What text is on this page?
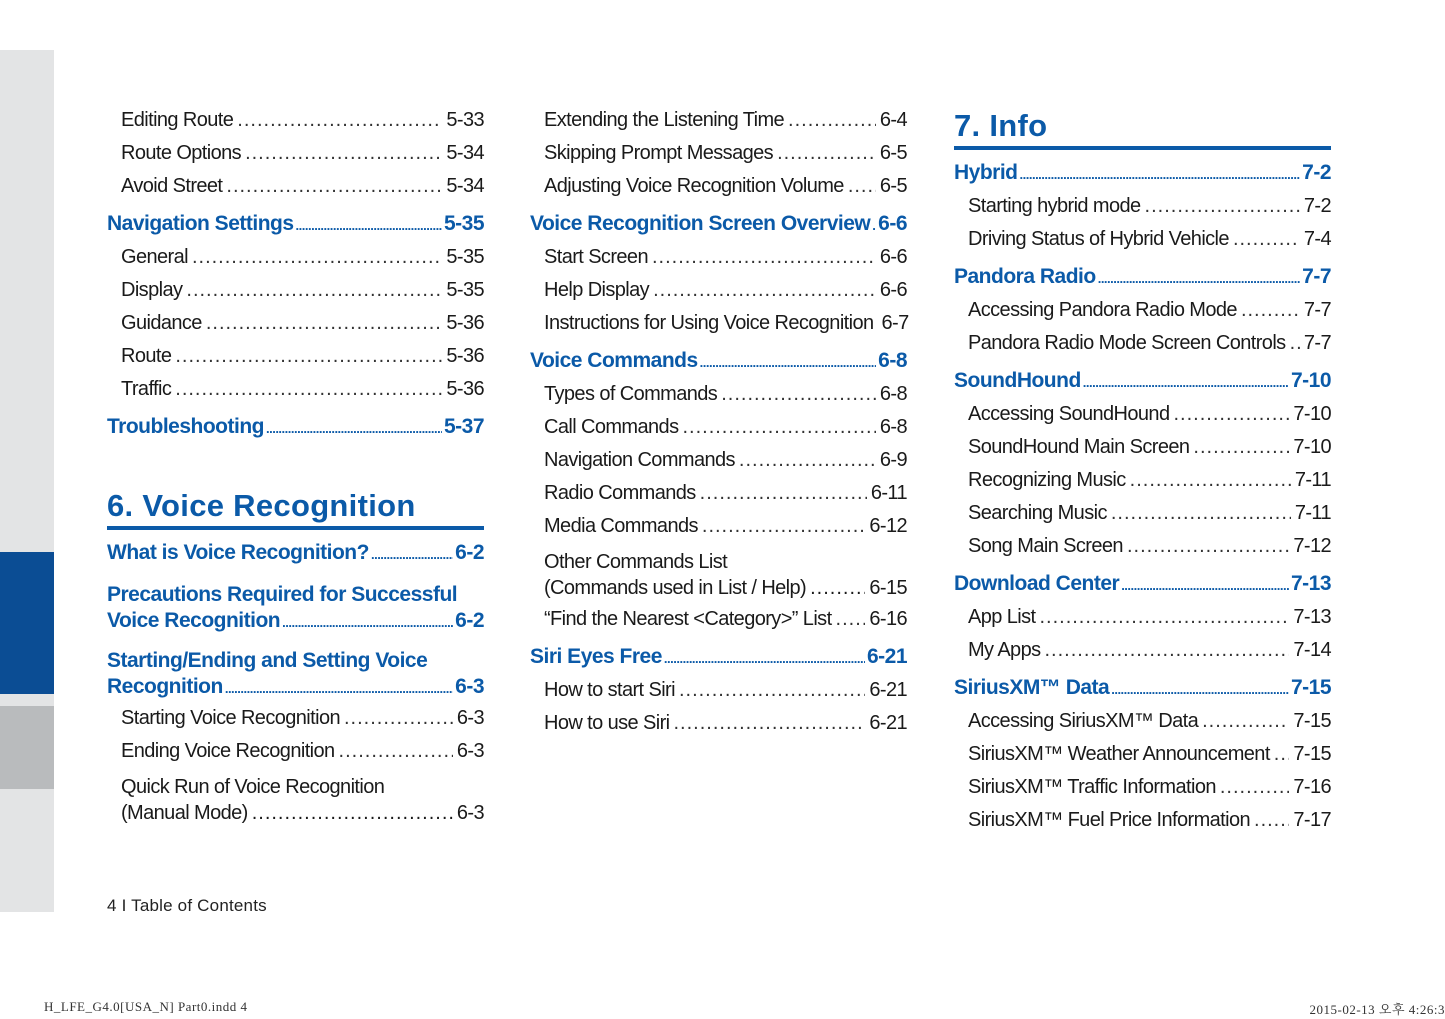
Editing Route .....	5-33
Route Options .....	5-34
Avoid Street .....	5-34
Navigation Settings .....	5-35
General .....	5-35
Display .....	5-35
Guidance .....	5-36
Route .....	5-36
Traffic .....	5-36
Troubleshooting .....	5-37
6. Voice Recognition
What is Voice Recognition? .....	6-2
Precautions Required for Successful
Voice Recognition .....	6-2
Starting/Ending and Setting Voice
Recognition .....	6-3
Starting Voice Recognition .....	6-3
Ending Voice Recognition .....	6-3
Quick Run of Voice Recognition
(Manual Mode) .....	6-3
Extending the Listening Time .....	6-4
Skipping Prompt Messages .....	6-5
Adjusting Voice Recognition Volume ..... 6-5
Voice Recognition Screen Overview ..... 6-6
Start Screen .....	6-6
Help Display .....	6-6
Instructions for Using Voice Recognition 6-7
Voice Commands .....	6-8
Types of Commands .....	6-8
Call Commands .....	6-8
Navigation Commands .....	6-9
Radio Commands .....	6-11
Media Commands .....	6-12
Other Commands List
(Commands used in List / Help) .....	6-15
“Find the Nearest <Category>” List ..... 6-16
Siri Eyes Free .....	6-21
How to start Siri .....	6-21
How to use Siri .....	6-21
7. Info
Hybrid .....	7-2
Starting hybrid mode .....	7-2
Driving Status of Hybrid Vehicle .....	7-4
Pandora Radio .....	7-7
Accessing Pandora Radio Mode .....	7-7
Pandora Radio Mode Screen Controls ..... 7-7
SoundHound .....	7-10
Accessing SoundHound .....	7-10
SoundHound Main Screen .....	7-10
Recognizing Music .....	7-11
Searching Music .....	7-11
Song Main Screen .....	7-12
Download Center .....	7-13
App List .....	7-13
My Apps .....	7-14
SiriusXM™ Data .....	7-15
Accessing SiriusXM™ Data .....	7-15
SiriusXM™ Weather Announcement ..... 7-15
SiriusXM™ Traffic Information .....	7-16
SiriusXM™ Fuel Price Information ..... 7-17
4 I Table of Contents
H_LFE_G4.0[USA_N] Part0.indd 4	2015-02-13 오후 4:26:3
